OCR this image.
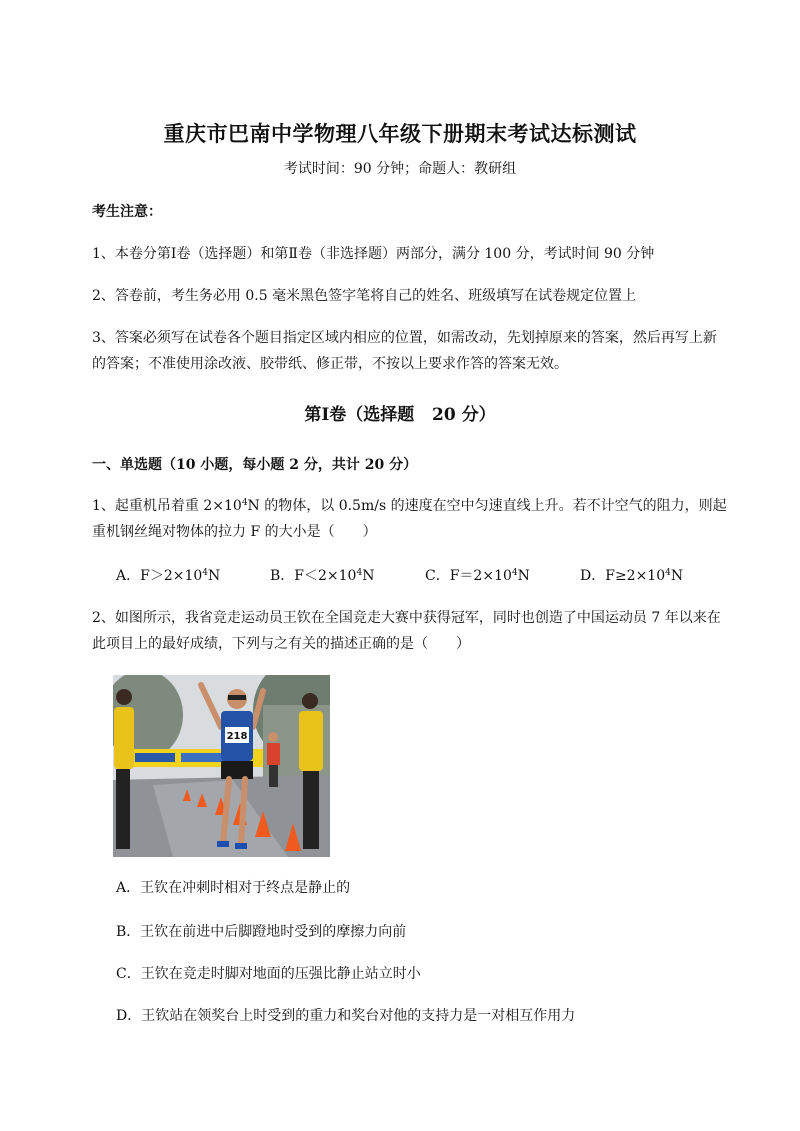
重庆市巴南中学物理八年级下册期末考试达标测试
考试时间：90 分钟；命题人：教研组
考生注意：
1、本卷分第Ⅰ卷（选择题）和第Ⅱ卷（非选择题）两部分，满分 100 分，考试时间 90 分钟
2、答卷前，考生务必用 0.5 毫米黑色签字笔将自己的姓名、班级填写在试卷规定位置上
3、答案必须写在试卷各个题目指定区域内相应的位置，如需改动，先划掉原来的答案，然后再写上新
的答案；不准使用涂改液、胶带纸、修正带，不按以上要求作答的答案无效。
第Ⅰ卷（选择题   20 分）
一、单选题（10 小题，每小题 2 分，共计 20 分）
1、起重机吊着重 $2\times 10^4N$ 的物体，以 0.5m/s 的速度在空中匀速直线上升。若不计空气的阻力，则起
重机钢丝绳对物体的拉力 F 的大小是（　　）
A．$F>2\times 10^4N$	B．$F<2\times 10^4N$	C．$F=2\times 10^4N$	D．$F\ge 2\times 10^4N$
2、如图所示，我省竞走运动员王钦在全国竞走大赛中获得冠军，同时也创造了中国运动员 7 年以来在
此项目上的最好成绩，下列与之有关的描述正确的是（　　）
218
A．王钦在冲刺时相对于终点是静止的
B．王钦在前进中后脚蹬地时受到的摩擦力向前
C．王钦在竞走时脚对地面的压强比静止站立时小
D．王钦站在领奖台上时受到的重力和奖台对他的支持力是一对相互作用力
